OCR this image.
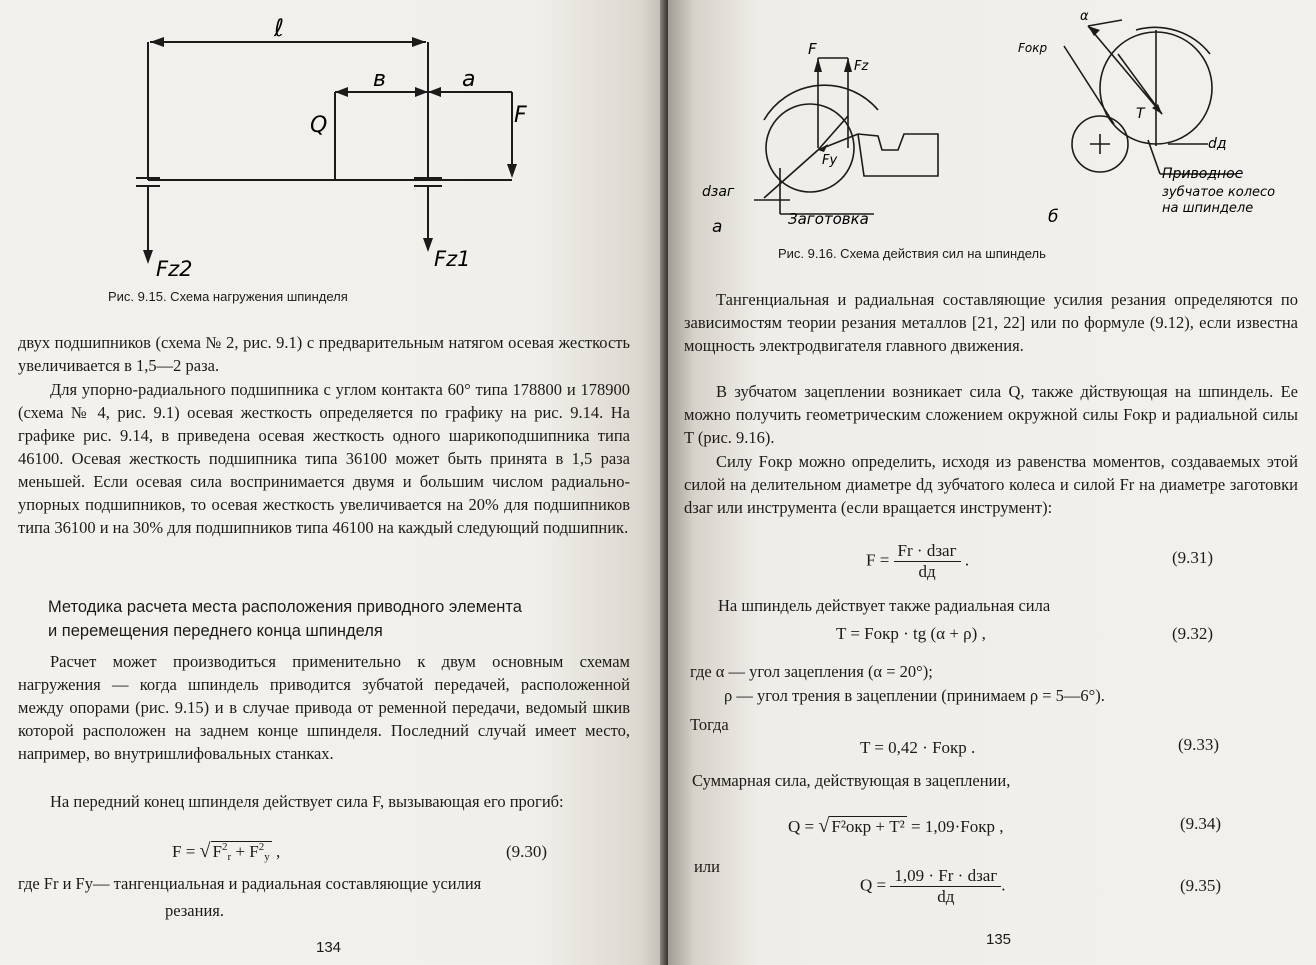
ℓ
в	a
Q	F
Fz2	Fz1
Рис. 9.15. Схема нагружения шпинделя

двух подшипников (схема № 2, рис. 9.1) с предварительным натягом осевая жесткость увеличивается в 1,5—2 раза.

Для упорно-радиального подшипника с углом контакта 60° типа 178800 и 178900 (схема № 4, рис. 9.1) осевая жесткость определяется по графику на рис. 9.14. На графике рис. 9.14, в приведена осевая жесткость одного шарикоподшипника типа 46100. Осевая жесткость подшипника типа 36100 может быть принята в 1,5 раза меньшей. Если осевая сила воспринимается двумя и большим числом радиально-упорных подшипников, то осевая жесткость увеличивается на 20% для подшипников типа 36100 и на 30% для подшипников типа 46100 на каждый следующий подшипник.

Методика расчета места расположения приводного элемента
и перемещения переднего конца шпинделя

Расчет может производиться применительно к двум основным схемам нагружения — когда шпиндель приводится зубчатой передачей, расположенной между опорами (рис. 9.15) и в случае привода от ременной передачи, ведомый шкив которой расположен на заднем конце шпинделя. Последний случай имеет место, например, во внутришлифовальных станках.

На передний конец шпинделя действует сила F, вызывающая его прогиб:

F = √ $F^2_r + F^2_y$ ,	(9.30)
где Fr и Fy— тангенциальная и радиальная составляющие усилия
резания.
134
F
Fz
Fу
dзаг
Заготовка
a
Fокр
α
T
dд
Приводное
зубчатое колесо
на шпинделе
б
Рис. 9.16. Схема действия сил на шпиндель

Тангенциальная и радиальная составляющие усилия резания определяются по зависимостям теории резания металлов [21, 22] или по формуле (9.12), если известна мощность электродвигателя главного движения.

В зубчатом зацеплении возникает сила Q, также дйствующая на шпиндель. Ее можно получить геометрическим сложением окружной силы Fокр и радиальной силы T (рис. 9.16).

Силу Fокр можно определить, исходя из равенства моментов, создаваемых этой силой на делительном диаметре dд зубчатого колеса и силой Fr на диаметре заготовки dзаг или инструмента (если вращается инструмент):

$F = \frac{\text{Fr · dзаг}}{dд}$ .	(9.31)
На шпиндель действует также радиальная сила
T = Fокр · tg (α + ρ) ,	(9.32)
где α — угол зацепления (α = 20°);
ρ — угол трения в зацеплении (принимаем ρ = 5—6°).
Тогда
T = 0,42 · Fокр .	(9.33)
Суммарная сила, действующая в зацеплении,
Q = √ F²окр + T² = 1,09·Fокр ,	(9.34)
или
$Q = \frac{\text{1,09 · Fr · dзаг}}{dд}$ .	(9.35)
135
